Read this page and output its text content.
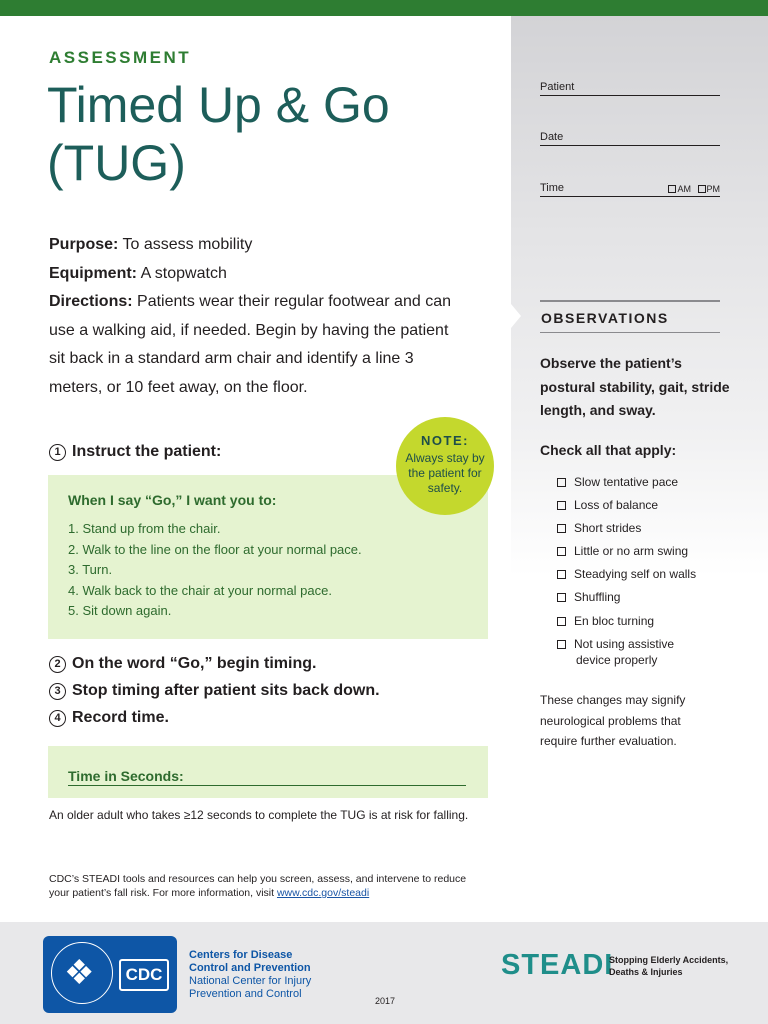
ASSESSMENT
Timed Up & Go
(TUG)
Purpose: To assess mobility
Equipment: A stopwatch
Directions: Patients wear their regular footwear and can use a walking aid, if needed. Begin by having the patient sit back in a standard arm chair and identify a line 3 meters, or 10 feet away, on the floor.
1 Instruct the patient:
When I say “Go,” I want you to:
1. Stand up from the chair.
2. Walk to the line on the floor at your normal pace.
3. Turn.
4. Walk back to the chair at your normal pace.
5. Sit down again.
NOTE:
Always stay by the patient for safety.
2 On the word “Go,” begin timing.
3 Stop timing after patient sits back down.
4 Record time.
Time in Seconds:
An older adult who takes ≥12 seconds to complete the TUG is at risk for falling.
CDC’s STEADI tools and resources can help you screen, assess, and intervene to reduce your patient’s fall risk. For more information, visit www.cdc.gov/steadi
Patient
Date
Time	AM PM
OBSERVATIONS
Observe the patient’s postural stability, gait, stride length, and sway.
Check all that apply:
Slow tentative pace
Loss of balance
Short strides
Little or no arm swing
Steadying self on walls
Shuffling
En bloc turning
Not using assistive
device properly
These changes may signify neurological problems that require further evaluation.
❖	CDC
Centers for Disease
Control and Prevention
National Center for Injury
Prevention and Control
2017
STEADI
Stopping Elderly Accidents,
Deaths & Injuries
